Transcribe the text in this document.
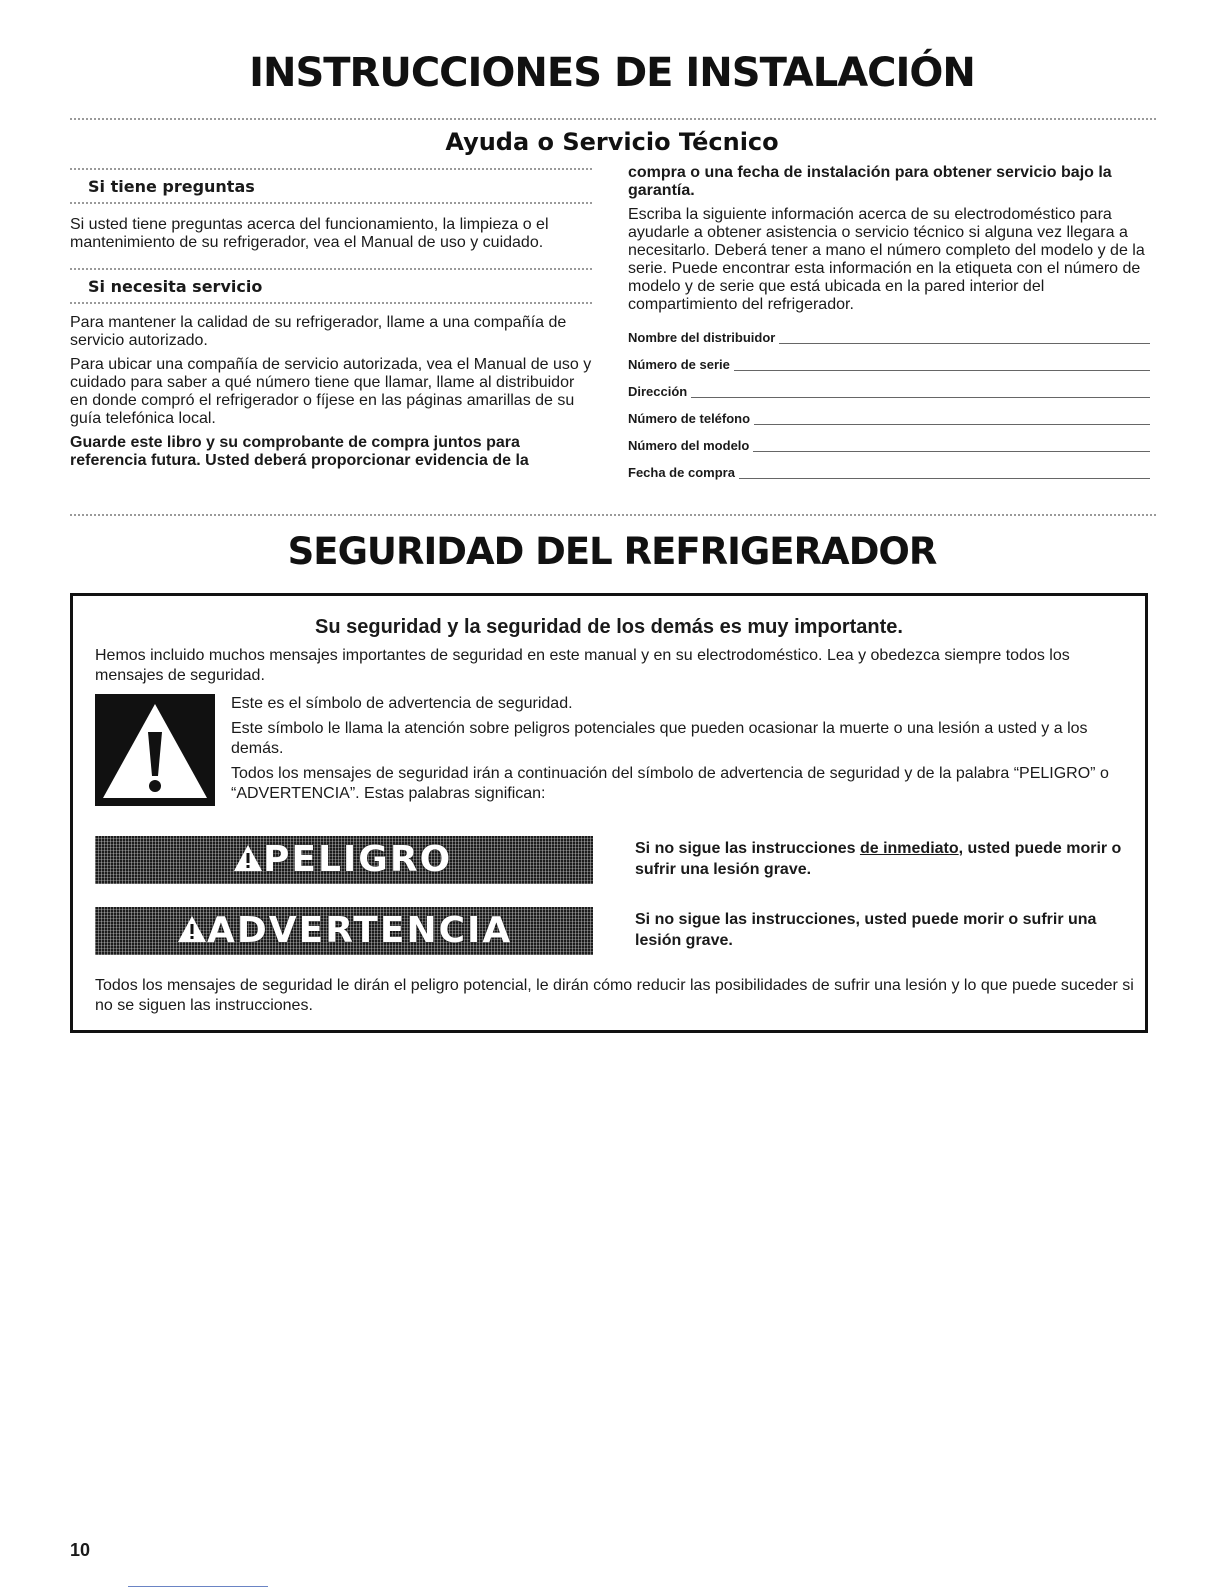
INSTRUCCIONES DE INSTALACIÓN
Ayuda o Servicio Técnico
Si tiene preguntas

Si usted tiene preguntas acerca del funcionamiento, la limpieza o el mantenimiento de su refrigerador, vea el Manual de uso y cuidado.

Si necesita servicio

Para mantener la calidad de su refrigerador, llame a una compañía de servicio autorizado.

Para ubicar una compañía de servicio autorizada, vea el Manual de uso y cuidado para saber a qué número tiene que llamar, llame al distribuidor en donde compró el refrigerador o fíjese en las páginas amarillas de su guía telefónica local.

Guarde este libro y su comprobante de compra juntos para referencia futura. Usted deberá proporcionar evidencia de la

compra o una fecha de instalación para obtener servicio bajo la garantía.

Escriba la siguiente información acerca de su electrodoméstico para ayudarle a obtener asistencia o servicio técnico si alguna vez llegara a necesitarlo. Deberá tener a mano el número completo del modelo y de la serie. Puede encontrar esta información en la etiqueta con el número de modelo y de serie que está ubicada en la pared interior del compartimiento del refrigerador.

Nombre del distribuidor
Número de serie
Dirección
Número de teléfono
Número del modelo
Fecha de compra
SEGURIDAD DEL REFRIGERADOR
Su seguridad y la seguridad de los demás es muy importante.
Hemos incluido muchos mensajes importantes de seguridad en este manual y en su electrodoméstico. Lea y obedezca siempre todos los mensajes de seguridad.

Este es el símbolo de advertencia de seguridad.

Este símbolo le llama la atención sobre peligros potenciales que pueden ocasionar la muerte o una lesión a usted y a los demás.

Todos los mensajes de seguridad irán a continuación del símbolo de advertencia de seguridad y de la palabra “PELIGRO” o “ADVERTENCIA”. Estas palabras significan:

PELIGRO	Si no sigue las instrucciones de inmediato, usted puede morir o sufrir una lesión grave.
ADVERTENCIA	Si no sigue las instrucciones, usted puede morir o sufrir una lesión grave.
Todos los mensajes de seguridad le dirán el peligro potencial, le dirán cómo reducir las posibilidades de sufrir una lesión y lo que puede suceder si no se siguen las instrucciones.
10
